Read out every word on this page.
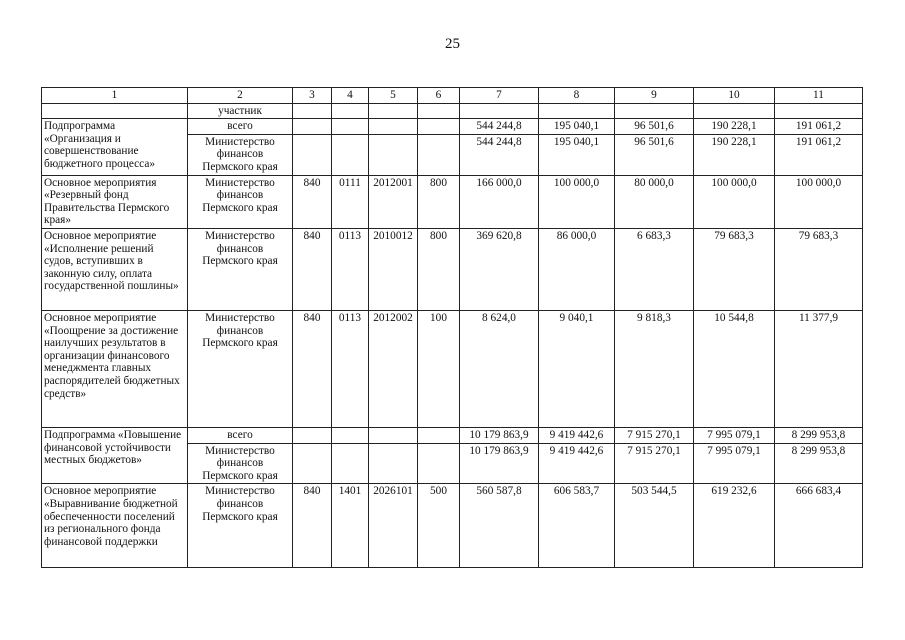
25
1	2	3	4	5	6	7	8	9	10	11
	участник									
Подпрограмма «Организация и совершенствование бюджетного процесса»	всего					544 244,8	195 040,1	96 501,6	190 228,1	191 061,2
	Министерство финансов Пермского края					544 244,8	195 040,1	96 501,6	190 228,1	191 061,2
Основное мероприятия «Резервный фонд Правительства Пермского края»	Министерство финансов Пермского края	840	0111	2012001	800	166 000,0	100 000,0	80 000,0	100 000,0	100 000,0
Основное мероприятие «Исполнение решений судов, вступивших в законную силу, оплата государственной пошлины»	Министерство финансов Пермского края	840	0113	2010012	800	369 620,8	86 000,0	6 683,3	79 683,3	79 683,3
Основное мероприятие «Поощрение за достижение наилучших результатов в организации финансового менеджмента главных распорядителей бюджетных средств»	Министерство финансов Пермского края	840	0113	2012002	100	8 624,0	9 040,1	9 818,3	10 544,8	11 377,9
Подпрограмма «Повышение финансовой устойчивости местных бюджетов»	всего					10 179 863,9	9 419 442,6	7 915 270,1	7 995 079,1	8 299 953,8
	Министерство финансов Пермского края					10 179 863,9	9 419 442,6	7 915 270,1	7 995 079,1	8 299 953,8
Основное мероприятие «Выравнивание бюджетной обеспеченности поселений из регионального фонда финансовой поддержки	Министерство финансов Пермского края	840	1401	2026101	500	560 587,8	606 583,7	503 544,5	619 232,6	666 683,4
